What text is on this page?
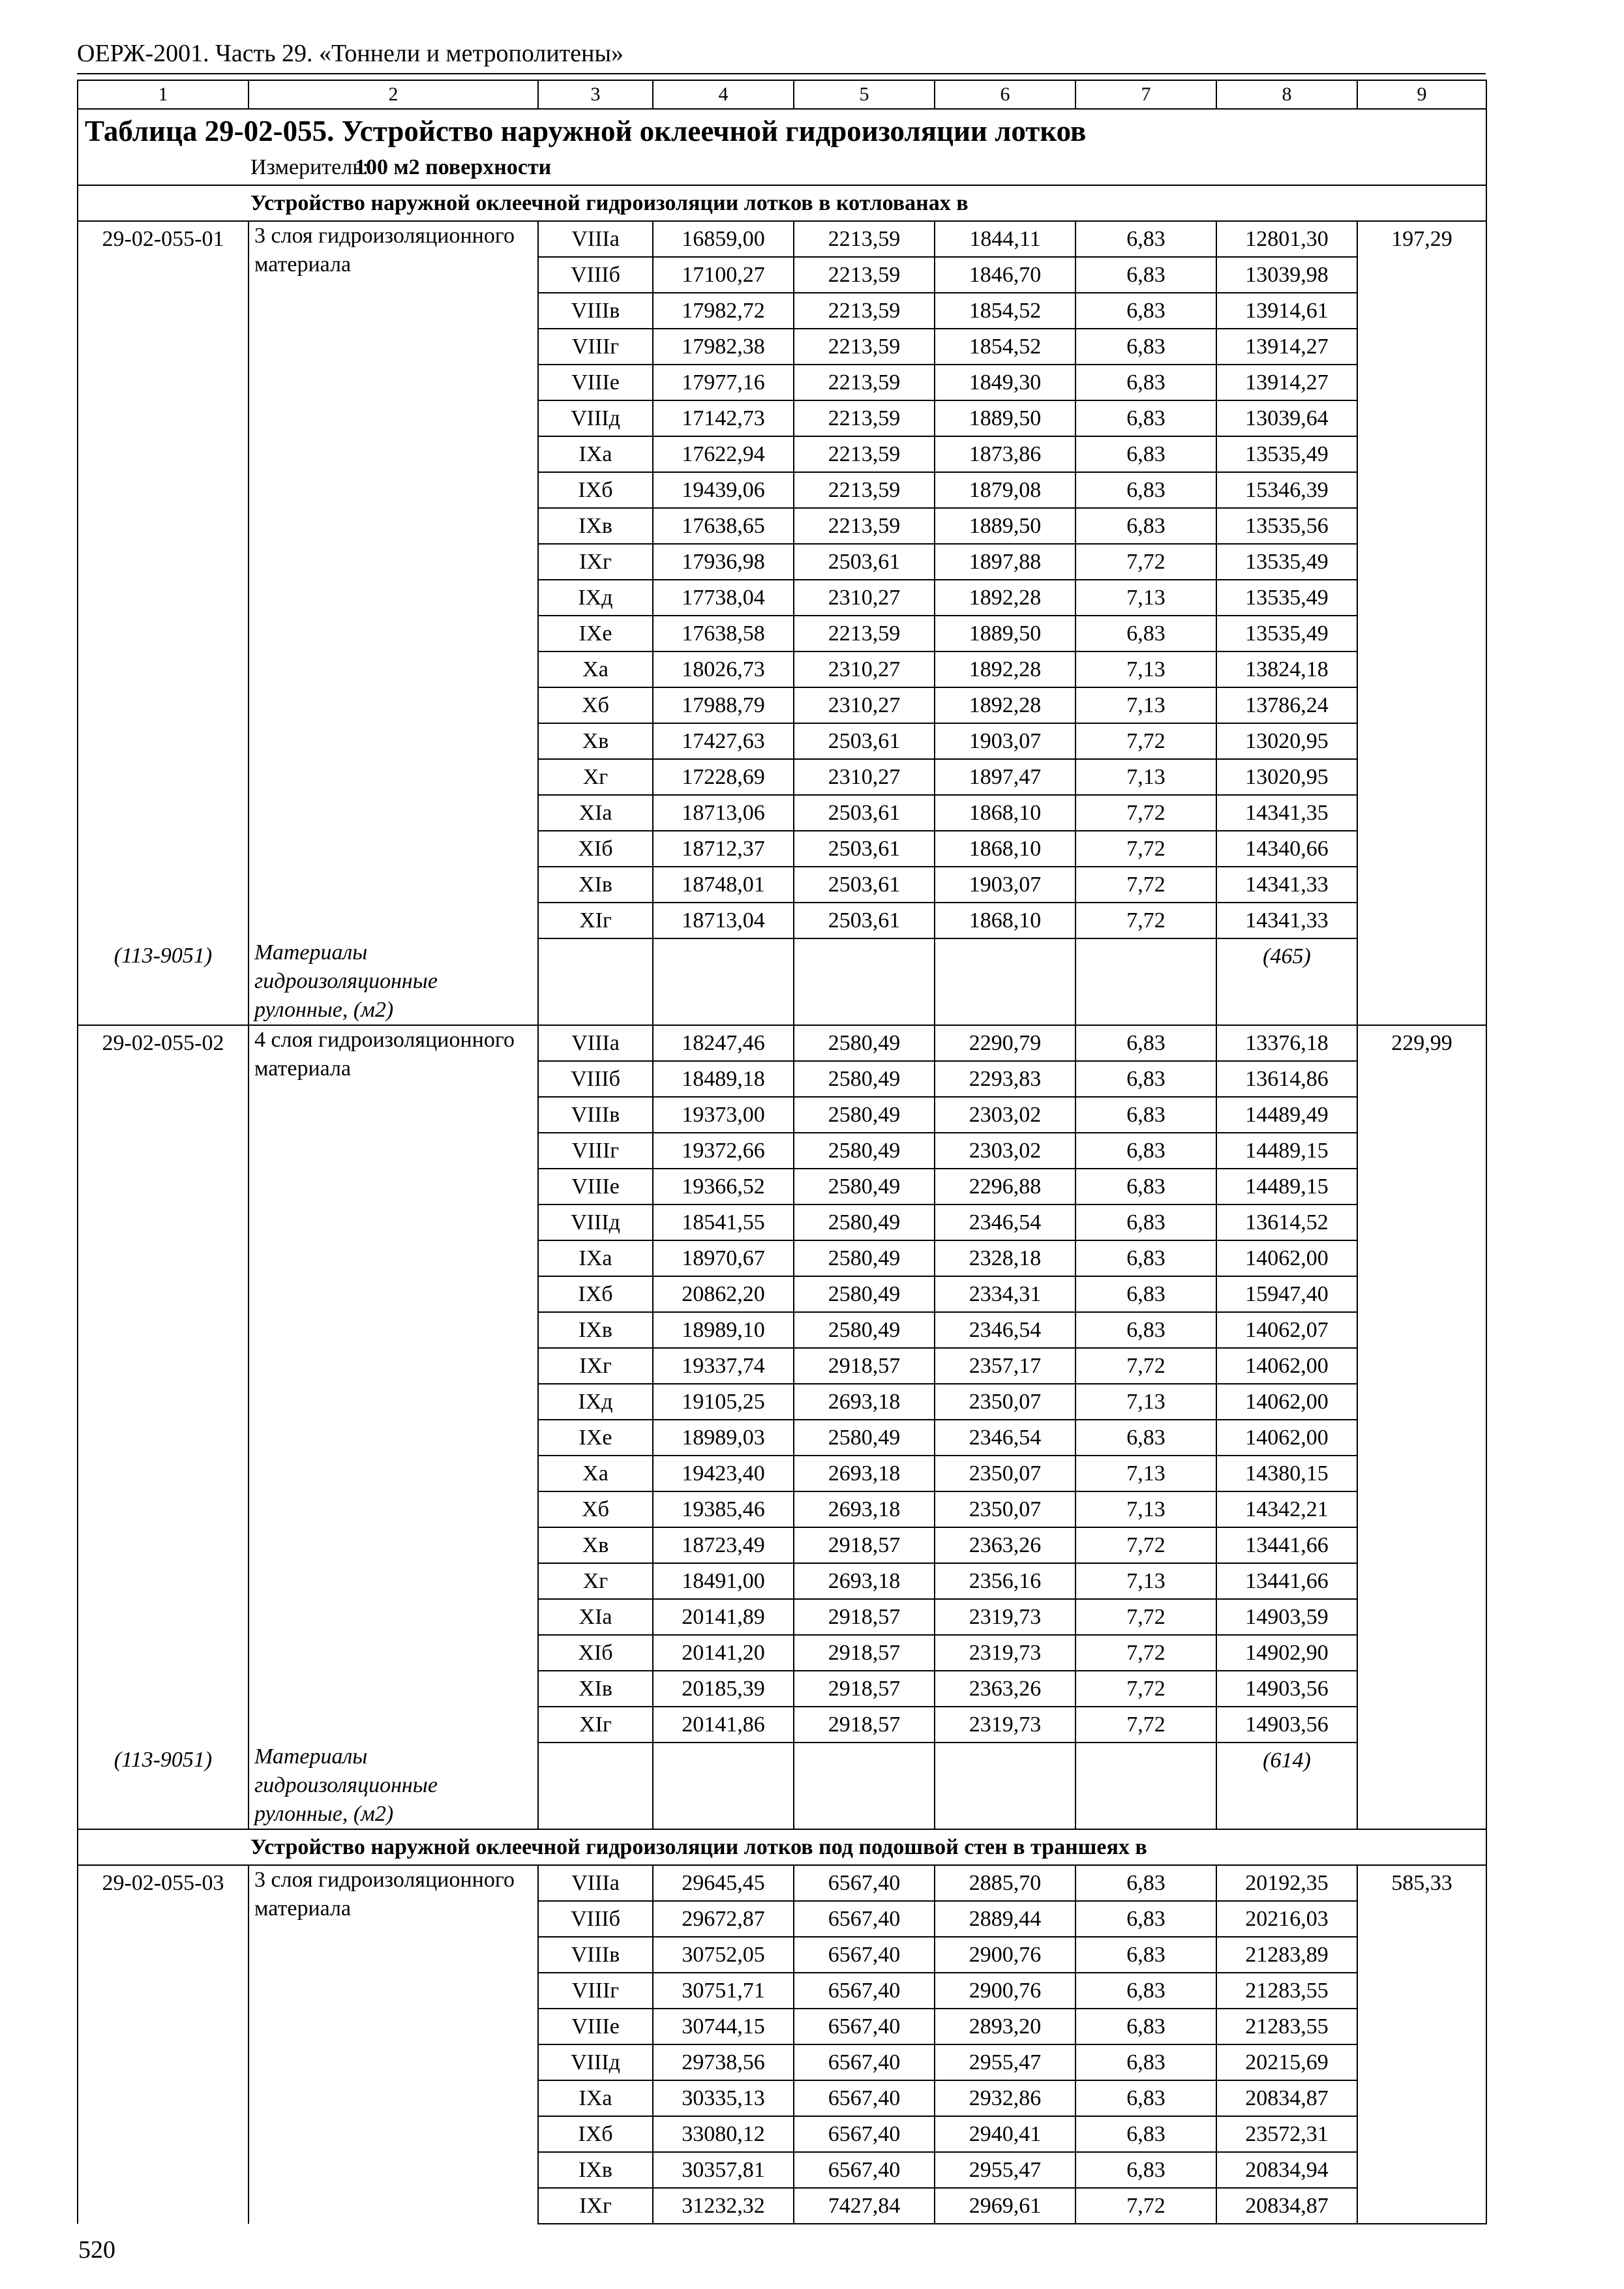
ОЕРЖ-2001. Часть 29. «Тоннели и метрополитены»
1	2	3	4	5	6	7	8	9
Таблица 29-02-055. Устройство наружной оклеечной гидроизоляции лотков								
Измеритель:100 м2 поверхности								
Устройство наружной оклеечной гидроизоляции лотков в котлованах в								
29-02-055-01	3 слоя гидроизоляционного материала	VIIIа	16859,00	2213,59	1844,11	6,83	12801,30	197,29
		VIIIб	17100,27	2213,59	1846,70	6,83	13039,98	
		VIIIв	17982,72	2213,59	1854,52	6,83	13914,61	
		VIIIг	17982,38	2213,59	1854,52	6,83	13914,27	
		VIIIе	17977,16	2213,59	1849,30	6,83	13914,27	
		VIIIд	17142,73	2213,59	1889,50	6,83	13039,64	
		IXа	17622,94	2213,59	1873,86	6,83	13535,49	
		IXб	19439,06	2213,59	1879,08	6,83	15346,39	
		IXв	17638,65	2213,59	1889,50	6,83	13535,56	
		IXг	17936,98	2503,61	1897,88	7,72	13535,49	
		IXд	17738,04	2310,27	1892,28	7,13	13535,49	
		IXе	17638,58	2213,59	1889,50	6,83	13535,49	
		Xа	18026,73	2310,27	1892,28	7,13	13824,18	
		Xб	17988,79	2310,27	1892,28	7,13	13786,24	
		Xв	17427,63	2503,61	1903,07	7,72	13020,95	
		Xг	17228,69	2310,27	1897,47	7,13	13020,95	
		XIа	18713,06	2503,61	1868,10	7,72	14341,35	
		XIб	18712,37	2503,61	1868,10	7,72	14340,66	
		XIв	18748,01	2503,61	1903,07	7,72	14341,33	
		XIг	18713,04	2503,61	1868,10	7,72	14341,33	
(113-9051)	Материалы гидроизоляционные рулонные, (м2)						(465)	
29-02-055-02	4 слоя гидроизоляционного материала	VIIIа	18247,46	2580,49	2290,79	6,83	13376,18	229,99
		VIIIб	18489,18	2580,49	2293,83	6,83	13614,86	
		VIIIв	19373,00	2580,49	2303,02	6,83	14489,49	
		VIIIг	19372,66	2580,49	2303,02	6,83	14489,15	
		VIIIе	19366,52	2580,49	2296,88	6,83	14489,15	
		VIIIд	18541,55	2580,49	2346,54	6,83	13614,52	
		IXа	18970,67	2580,49	2328,18	6,83	14062,00	
		IXб	20862,20	2580,49	2334,31	6,83	15947,40	
		IXв	18989,10	2580,49	2346,54	6,83	14062,07	
		IXг	19337,74	2918,57	2357,17	7,72	14062,00	
		IXд	19105,25	2693,18	2350,07	7,13	14062,00	
		IXе	18989,03	2580,49	2346,54	6,83	14062,00	
		Xа	19423,40	2693,18	2350,07	7,13	14380,15	
		Xб	19385,46	2693,18	2350,07	7,13	14342,21	
		Xв	18723,49	2918,57	2363,26	7,72	13441,66	
		Xг	18491,00	2693,18	2356,16	7,13	13441,66	
		XIа	20141,89	2918,57	2319,73	7,72	14903,59	
		XIб	20141,20	2918,57	2319,73	7,72	14902,90	
		XIв	20185,39	2918,57	2363,26	7,72	14903,56	
		XIг	20141,86	2918,57	2319,73	7,72	14903,56	
(113-9051)	Материалы гидроизоляционные рулонные, (м2)						(614)	
Устройство наружной оклеечной гидроизоляции лотков под подошвой стен в траншеях в								
29-02-055-03	3 слоя гидроизоляционного материала	VIIIа	29645,45	6567,40	2885,70	6,83	20192,35	585,33
		VIIIб	29672,87	6567,40	2889,44	6,83	20216,03	
		VIIIв	30752,05	6567,40	2900,76	6,83	21283,89	
		VIIIг	30751,71	6567,40	2900,76	6,83	21283,55	
		VIIIе	30744,15	6567,40	2893,20	6,83	21283,55	
		VIIIд	29738,56	6567,40	2955,47	6,83	20215,69	
		IXа	30335,13	6567,40	2932,86	6,83	20834,87	
		IXб	33080,12	6567,40	2940,41	6,83	23572,31	
		IXв	30357,81	6567,40	2955,47	6,83	20834,94	
		IXг	31232,32	7427,84	2969,61	7,72	20834,87	
520
